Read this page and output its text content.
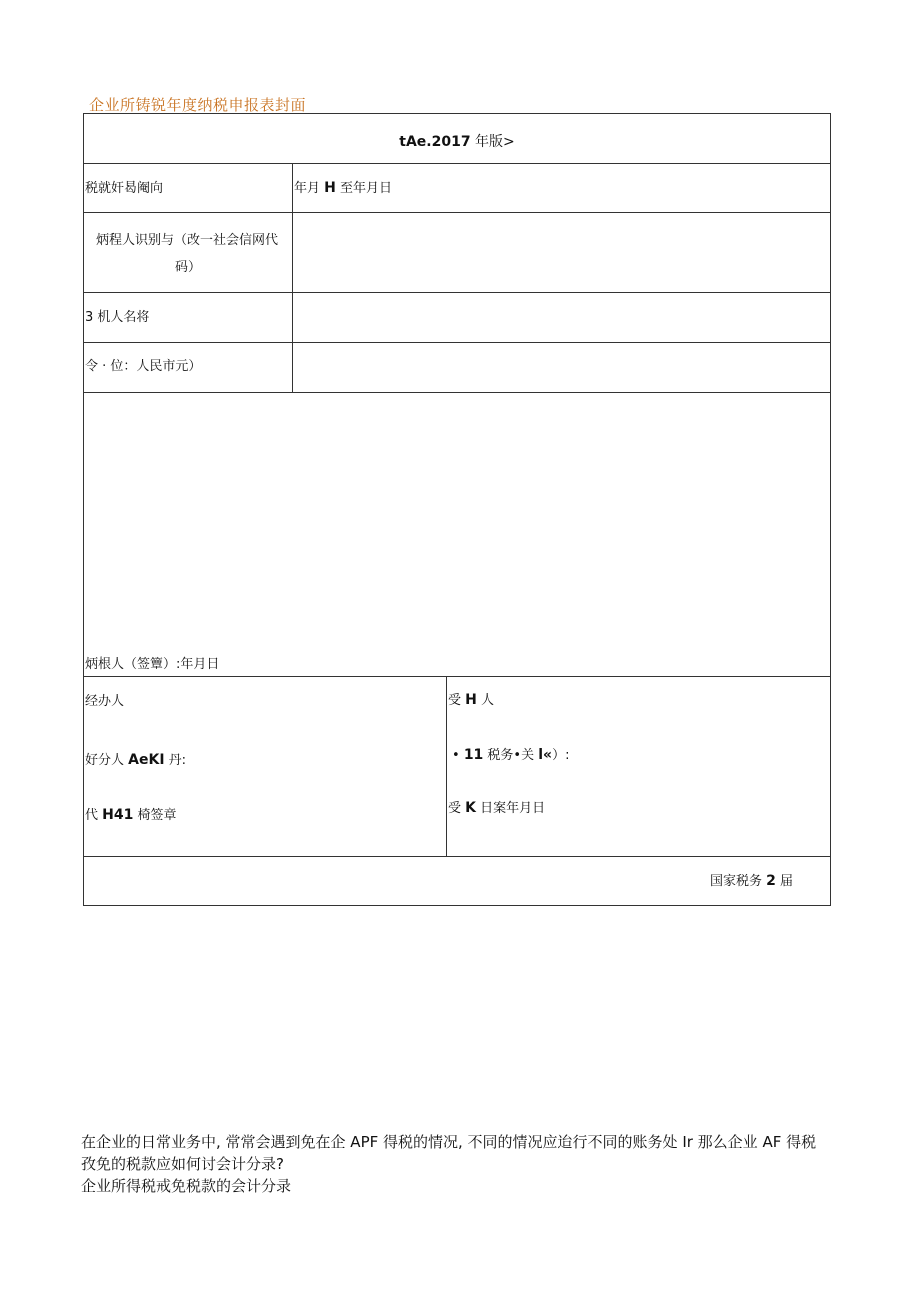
企业所铸锐年度纳税申报表封面
tAe.2017 年版>
税就奸曷阉向	年月 H 至年月日
炳程人识别与（改一社会信网代
码）
3 机人名将
令 · 位：人民市元）
炳根人（签簟）:年月日
经办人
好分人 AeKI 丹:
代 H41 椅签章
受 H 人
• 11 税务•关 l«）:
受 K 日案年月日
国家税务 2 届
在企业的日常业务中, 常常会遇到免在企 APF 得税的情况, 不同的情况应迨行不同的账务处 Ir 那么企业 AF 得税
孜免的税款应如何讨会计分录?
企业所得税戒免税款的会计分录
